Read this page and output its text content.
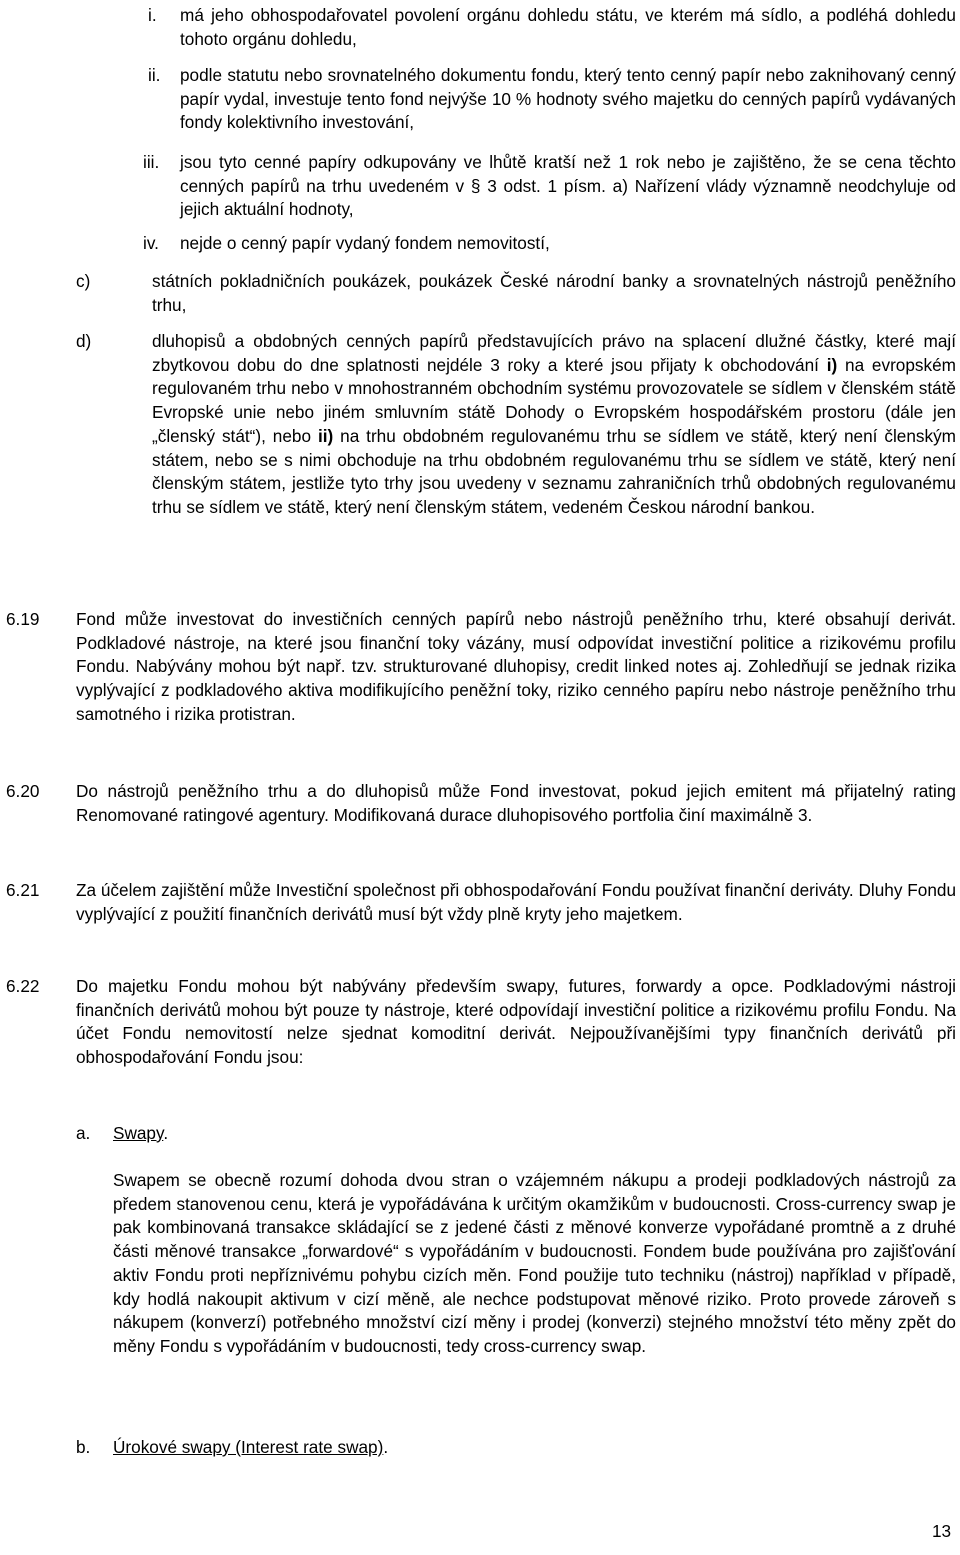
i. má jeho obhospodařovatel povolení orgánu dohledu státu, ve kterém má sídlo, a podléhá dohledu tohoto orgánu dohledu,
ii. podle statutu nebo srovnatelného dokumentu fondu, který tento cenný papír nebo zaknihovaný cenný papír vydal, investuje tento fond nejvýše 10 % hodnoty svého majetku do cenných papírů vydávaných fondy kolektivního investování,
iii. jsou tyto cenné papíry odkupovány ve lhůtě kratší než 1 rok nebo je zajištěno, že se cena těchto cenných papírů na trhu uvedeném v § 3 odst. 1 písm. a) Nařízení vlády významně neodchyluje od jejich aktuální hodnoty,
iv. nejde o cenný papír vydaný fondem nemovitostí,
c)	státních pokladničních poukázek, poukázek České národní banky a srovnatelných nástrojů peněžního trhu,
d)	dluhopisů a obdobných cenných papírů představujících právo na splacení dlužné částky, které mají zbytkovou dobu do dne splatnosti nejdéle 3 roky a které jsou přijaty k obchodování i) na evropském regulovaném trhu nebo v mnohostranném obchodním systému provozovatele se sídlem v členském státě Evropské unie nebo jiném smluvním státě Dohody o Evropském hospodářském prostoru (dále jen „členský stát“), nebo ii) na trhu obdobném regulovanému trhu se sídlem ve státě, který není členským státem, nebo se s nimi obchoduje na trhu obdobném regulovanému trhu se sídlem ve státě, který není členským státem, jestliže tyto trhy jsou uvedeny v seznamu zahraničních trhů obdobných regulovanému trhu se sídlem ve státě, který není členským státem, vedeném Českou národní bankou.
6.19 Fond může investovat do investičních cenných papírů nebo nástrojů peněžního trhu, které obsahují derivát. Podkladové nástroje, na které jsou finanční toky vázány, musí odpovídat investiční politice a rizikovému profilu Fondu. Nabývány mohou být např. tzv. strukturované dluhopisy, credit linked notes aj. Zohledňují se jednak rizika vyplývající z podkladového aktiva modifikujícího peněžní toky, riziko cenného papíru nebo nástroje peněžního trhu samotného i rizika protistran.
6.20 Do nástrojů peněžního trhu a do dluhopisů může Fond investovat, pokud jejich emitent má přijatelný rating Renomované ratingové agentury. Modifikovaná durace dluhopisového portfolia činí maximálně 3.
6.21 Za účelem zajištění může Investiční společnost při obhospodařování Fondu používat finanční deriváty. Dluhy Fondu vyplývající z použití finančních derivátů musí být vždy plně kryty jeho majetkem.
6.22 Do majetku Fondu mohou být nabývány především swapy, futures, forwardy a opce. Podkladovými nástroji finančních derivátů mohou být pouze ty nástroje, které odpovídají investiční politice a rizikovému profilu Fondu. Na účet Fondu nemovitostí nelze sjednat komoditní derivát. Nejpoužívanějšími typy finančních derivátů při obhospodařování Fondu jsou:
a. Swapy.
Swapem se obecně rozumí dohoda dvou stran o vzájemném nákupu a prodeji podkladových nástrojů za předem stanovenou cenu, která je vypořádávána k určitým okamžikům v budoucnosti. Cross-currency swap je pak kombinovaná transakce skládající se z jedené části z měnové konverze vypořádané promtně a z druhé části měnové transakce „forwardové“ s vypořádáním v budoucnosti. Fondem bude používána pro zajišťování aktiv Fondu proti nepříznivému pohybu cizích měn. Fond použije tuto techniku (nástroj) například v případě, kdy hodlá nakoupit aktivum v cizí měně, ale nechce podstupovat měnové riziko. Proto provede zároveň s nákupem (konverzí) potřebného množství cizí měny i prodej (konverzi) stejného množství této měny zpět do měny Fondu s vypořádáním v budoucnosti, tedy cross-currency swap.
b. Úrokové swapy (Interest rate swap).
13
